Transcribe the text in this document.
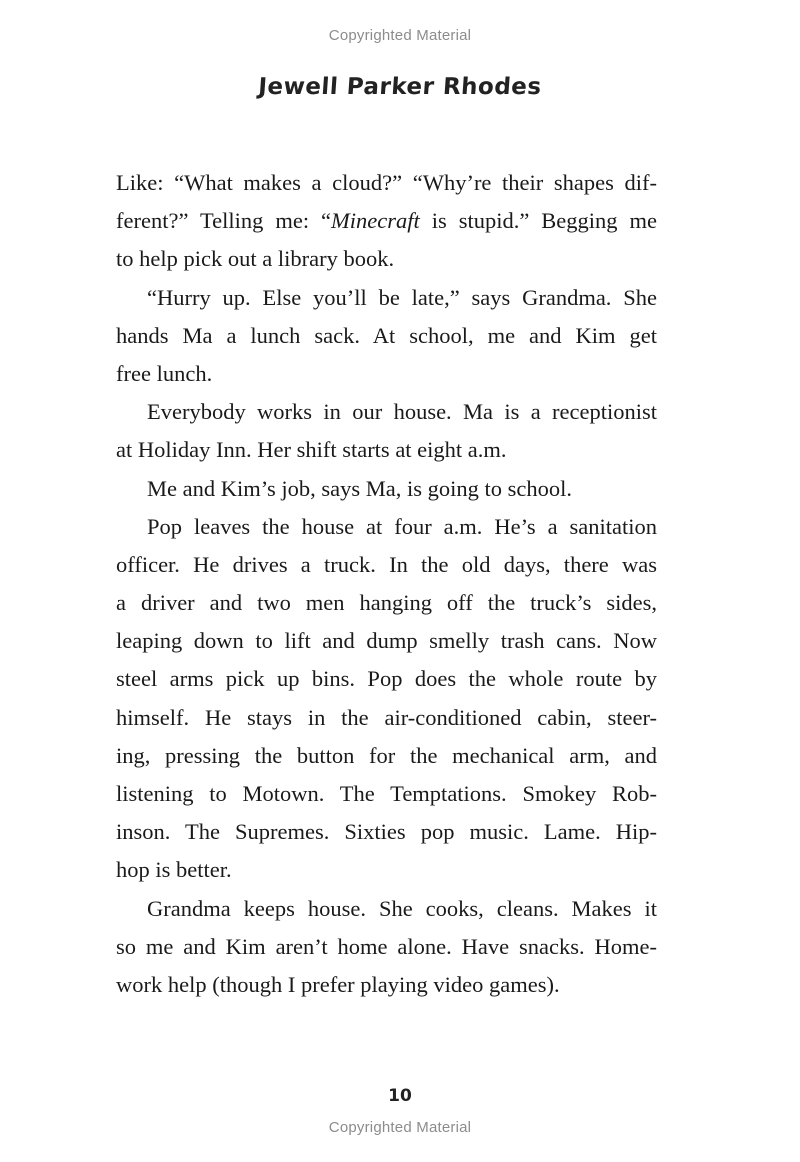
Copyrighted Material
Jewell Parker Rhodes
Like: “What makes a cloud?” “Why’re their shapes dif-
ferent?” Telling me: “Minecraft is stupid.” Begging me
to help pick out a library book.
“Hurry up. Else you’ll be late,” says Grandma. She
hands Ma a lunch sack. At school, me and Kim get
free lunch.
Everybody works in our house. Ma is a receptionist
at Holiday Inn. Her shift starts at eight a.m.
Me and Kim’s job, says Ma, is going to school.
Pop leaves the house at four a.m. He’s a sanitation
officer. He drives a truck. In the old days, there was
a driver and two men hanging off the truck’s sides,
leaping down to lift and dump smelly trash cans. Now
steel arms pick up bins. Pop does the whole route by
himself. He stays in the air-conditioned cabin, steer-
ing, pressing the button for the mechanical arm, and
listening to Motown. The Temptations. Smokey Rob-
inson. The Supremes. Sixties pop music. Lame. Hip-
hop is better.
Grandma keeps house. She cooks, cleans. Makes it
so me and Kim aren’t home alone. Have snacks. Home-
work help (though I prefer playing video games).
10
Copyrighted Material
